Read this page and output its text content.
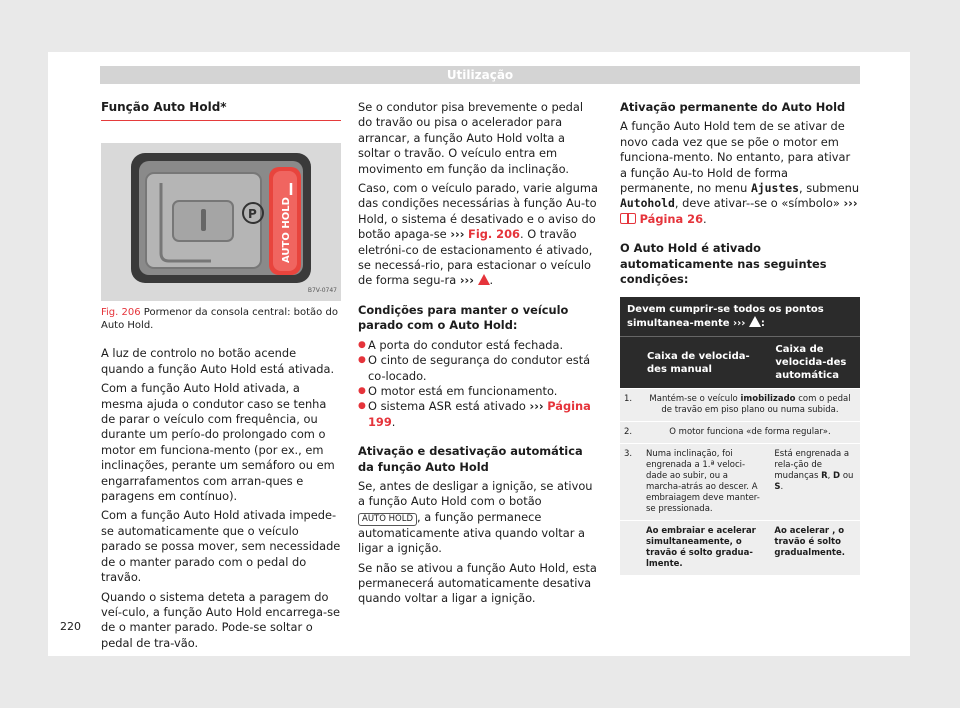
Utilização
Função Auto Hold*
P AUTO HOLD
B7V-0747
Fig. 206 Pormenor da consola central: botão do Auto Hold.

A luz de controlo no botão acende quando a função Auto Hold está ativada.

Com a função Auto Hold ativada, a mesma ajuda o condutor caso se tenha de parar o veículo com frequência, ou durante um perío-do prolongado com o motor em funciona-mento (por ex., em inclinações, perante um semáforo ou em engarrafamentos com arran-ques e paragens em contínuo).

Com a função Auto Hold ativada impede-se automaticamente que o veículo parado se possa mover, sem necessidade de o manter parado com o pedal do travão.

Quando o sistema deteta a paragem do veí-culo, a função Auto Hold encarrega-se de o manter parado. Pode-se soltar o pedal de tra-vão.

Se o condutor pisa brevemente o pedal do travão ou pisa o acelerador para arrancar, a função Auto Hold volta a soltar o travão. O veículo entra em movimento em função da inclinação.

Caso, com o veículo parado, varie alguma das condições necessárias à função Au-to Hold, o sistema é desativado e o aviso do botão apaga-se ››› Fig. 206. O travão eletróni-co de estacionamento é ativado, se necessá-rio, para estacionar o veículo de forma segu-ra ››› .

Condições para manter o veículo parado com o Auto Hold:

● A porta do condutor está fechada.
● O cinto de segurança do condutor está co-locado.
● O motor está em funcionamento.
● O sistema ASR está ativado ››› Página 199.

Ativação e desativação automática da função Auto Hold

Se, antes de desligar a ignição, se ativou a função Auto Hold com o botão AUTO HOLD , a função permanece automaticamente ativa quando voltar a ligar a ignição.

Se não se ativou a função Auto Hold, esta permanecerá automaticamente desativa quando voltar a ligar a ignição.

Ativação permanente do Auto Hold

A função Auto Hold tem de se ativar de novo cada vez que se põe o motor em funciona-mento. No entanto, para ativar a função Au-to Hold de forma permanente, no menu Ajustes, submenu Autohold, deve ativar--se o «símbolo» ›››  Página 26.

O Auto Hold é ativado automaticamente nas seguintes condições:

Devem cumprir-se todos os pontos simultanea-mente ››› :		
	Caixa de velocida-des manual	Caixa de velocida-des automática
1.	Mantém-se o veículo imobilizado com o pedal de travão em piso plano ou numa subida.	
2.	O motor funciona «de forma regular».	
3.	Numa inclinação, foi engrenada a 1.ª veloci-dade ao subir, ou a marcha-atrás ao descer. A embraiagem deve manter-se pressionada.	Está engrenada a rela-ção de mudanças R, D ou S.
	Ao embraiar e acelerar simultaneamente, o travão é solto gradua-lmente.	Ao acelerar , o travão é solto gradualmente.
220
